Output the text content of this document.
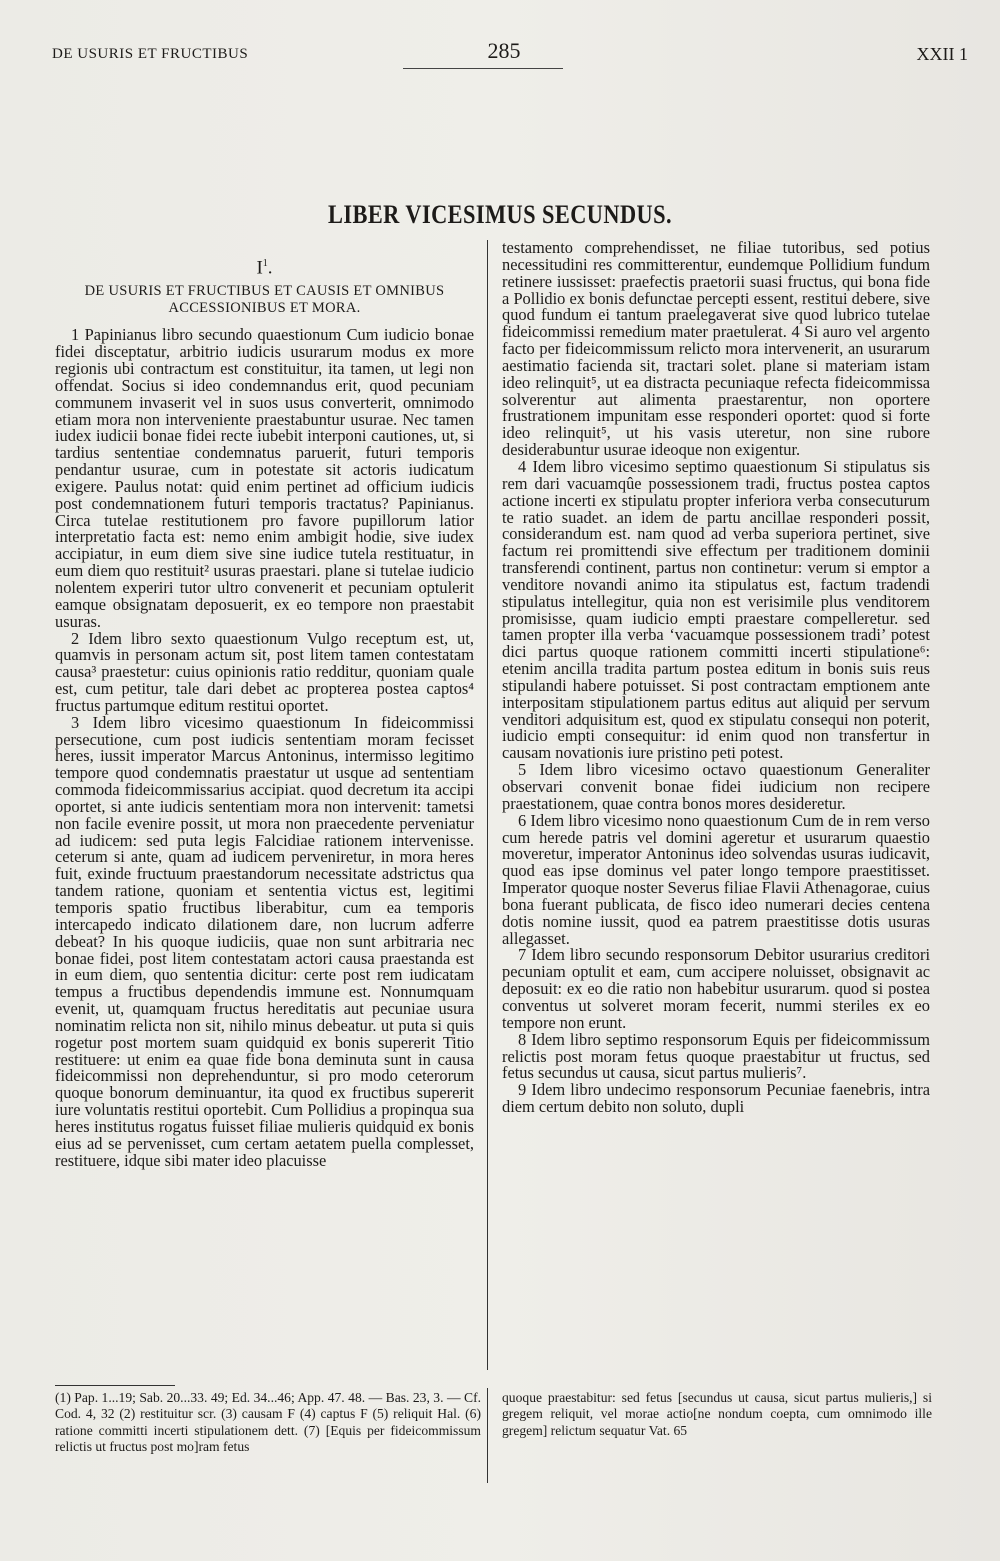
DE USURIS ET FRUCTIBUS	285	XXII 1
LIBER VICESIMUS SECUNDUS.
$I^1$.
DE USURIS ET FRUCTIBUS ET CAUSIS ET OMNIBUS ACCESSIONIBUS ET MORA.

1 Papinianus libro secundo quaestionum Cum iudicio bonae fidei disceptatur, arbitrio iudicis usurarum modus ex more regionis ubi contractum est constituitur, ita tamen, ut legi non offendat. Socius si ideo condemnandus erit, quod pecuniam communem invaserit vel in suos usus converterit, omnimodo etiam mora non interveniente praestabuntur usurae. Nec tamen iudex iudicii bonae fidei recte iubebit interponi cautiones, ut, si tardius sententiae condemnatus paruerit, futuri temporis pendantur usurae, cum in potestate sit actoris iudicatum exigere. Paulus notat: quid enim pertinet ad officium iudicis post condemnationem futuri temporis tractatus? Papinianus. Circa tutelae restitutionem pro favore pupillorum latior interpretatio facta est: nemo enim ambigit hodie, sive iudex accipiatur, in eum diem sive sine iudice tutela restituatur, in eum diem quo restituit² usuras praestari. plane si tutelae iudicio nolentem experiri tutor ultro convenerit et pecuniam optulerit eamque obsignatam deposuerit, ex eo tempore non praestabit usuras.

2 Idem libro sexto quaestionum Vulgo receptum est, ut, quamvis in personam actum sit, post litem tamen contestatam causa³ praestetur: cuius opinionis ratio redditur, quoniam quale est, cum petitur, tale dari debet ac propterea postea captos⁴ fructus partumque editum restitui oportet.

3 Idem libro vicesimo quaestionum In fideicommissi persecutione, cum post iudicis sententiam moram fecisset heres, iussit imperator Marcus Antoninus, intermisso legitimo tempore quod condemnatis praestatur ut usque ad sententiam commoda fideicommissarius accipiat. quod decretum ita accipi oportet, si ante iudicis sententiam mora non intervenit: tametsi non facile evenire possit, ut mora non praecedente perveniatur ad iudicem: sed puta legis Falcidiae rationem intervenisse. ceterum si ante, quam ad iudicem perveniretur, in mora heres fuit, exinde fructuum praestandorum necessitate adstrictus qua tandem ratione, quoniam et sententia victus est, legitimi temporis spatio fructibus liberabitur, cum ea temporis intercapedo indicato dilationem dare, non lucrum adferre debeat? In his quoque iudiciis, quae non sunt arbitraria nec bonae fidei, post litem contestatam actori causa praestanda est in eum diem, quo sententia dicitur: certe post rem iudicatam tempus a fructibus dependendis immune est. Nonnumquam evenit, ut, quamquam fructus hereditatis aut pecuniae usura nominatim relicta non sit, nihilo minus debeatur. ut puta si quis rogetur post mortem suam quidquid ex bonis supererit Titio restituere: ut enim ea quae fide bona deminuta sunt in causa fideicommissi non deprehenduntur, si pro modo ceterorum quoque bonorum deminuantur, ita quod ex fructibus supererit iure voluntatis restitui oportebit. Cum Pollidius a propinqua sua heres institutus rogatus fuisset filiae mulieris quidquid ex bonis eius ad se pervenisset, cum certam aetatem puella complesset, restituere, idque sibi mater ideo placuisse

testamento comprehendisset, ne filiae tutoribus, sed potius necessitudini res committerentur, eundemque Pollidium fundum retinere iussisset: praefectis praetorii suasi fructus, qui bona fide a Pollidio ex bonis defunctae percepti essent, restitui debere, sive quod fundum ei tantum praelegaverat sive quod lubrico tutelae fideicommissi remedium mater praetulerat. 4 Si auro vel argento facto per fideicommissum relicto mora intervenerit, an usurarum aestimatio facienda sit, tractari solet. plane si materiam istam ideo relinquit⁵, ut ea distracta pecuniaque refecta fideicommissa solverentur aut alimenta praestarentur, non oportere frustrationem impunitam esse responderi oportet: quod si forte ideo relinquit⁵, ut his vasis uteretur, non sine rubore desiderabuntur usurae ideoque non exigentur.

4 Idem libro vicesimo septimo quaestionum Si stipulatus sis rem dari vacuamqûe possessionem tradi, fructus postea captos actione incerti ex stipulatu propter inferiora verba consecuturum te ratio suadet. an idem de partu ancillae responderi possit, considerandum est. nam quod ad verba superiora pertinet, sive factum rei promittendi sive effectum per traditionem dominii transferendi continent, partus non continetur: verum si emptor a venditore novandi animo ita stipulatus est, factum tradendi stipulatus intellegitur, quia non est verisimile plus venditorem promisisse, quam iudicio empti praestare compelleretur. sed tamen propter illa verba ‘vacuamque possessionem tradi’ potest dici partus quoque rationem committi incerti stipulatione⁶: etenim ancilla tradita partum postea editum in bonis suis reus stipulandi habere potuisset. Si post contractam emptionem ante interpositam stipulationem partus editus aut aliquid per servum venditori adquisitum est, quod ex stipulatu consequi non poterit, iudicio empti consequitur: id enim quod non transfertur in causam novationis iure pristino peti potest.

5 Idem libro vicesimo octavo quaestionum Generaliter observari convenit bonae fidei iudicium non recipere praestationem, quae contra bonos mores desideretur.

6 Idem libro vicesimo nono quaestionum Cum de in rem verso cum herede patris vel domini ageretur et usurarum quaestio moveretur, imperator Antoninus ideo solvendas usuras iudicavit, quod eas ipse dominus vel pater longo tempore praestitisset. Imperator quoque noster Severus filiae Flavii Athenagorae, cuius bona fuerant publicata, de fisco ideo numerari decies centena dotis nomine iussit, quod ea patrem praestitisse dotis usuras allegasset.

7 Idem libro secundo responsorum Debitor usurarius creditori pecuniam optulit et eam, cum accipere noluisset, obsignavit ac deposuit: ex eo die ratio non habebitur usurarum. quod si postea conventus ut solveret moram fecerit, nummi steriles ex eo tempore non erunt.

8 Idem libro septimo responsorum Equis per fideicommissum relictis post moram fetus quoque praestabitur ut fructus, sed fetus secundus ut causa, sicut partus mulieris⁷.

9 Idem libro undecimo responsorum Pecuniae faenebris, intra diem certum debito non soluto, dupli

(1) Pap. 1...19; Sab. 20...33. 49; Ed. 34...46; App. 47. 48. — Bas. 23, 3. — Cf. Cod. 4, 32 (2) restituitur scr. (3) causam F (4) captus F (5) reliquit Hal. (6) ratione committi incerti stipulationem dett. (7) [Equis per fideicommissum relictis ut fructus post mo]ram fetus
quoque praestabitur: sed fetus [secundus ut causa, sicut partus mulieris,] si gregem reliquit, vel morae actio[ne nondum coepta, cum omnimodo ille gregem] relictum sequatur Vat. 65
